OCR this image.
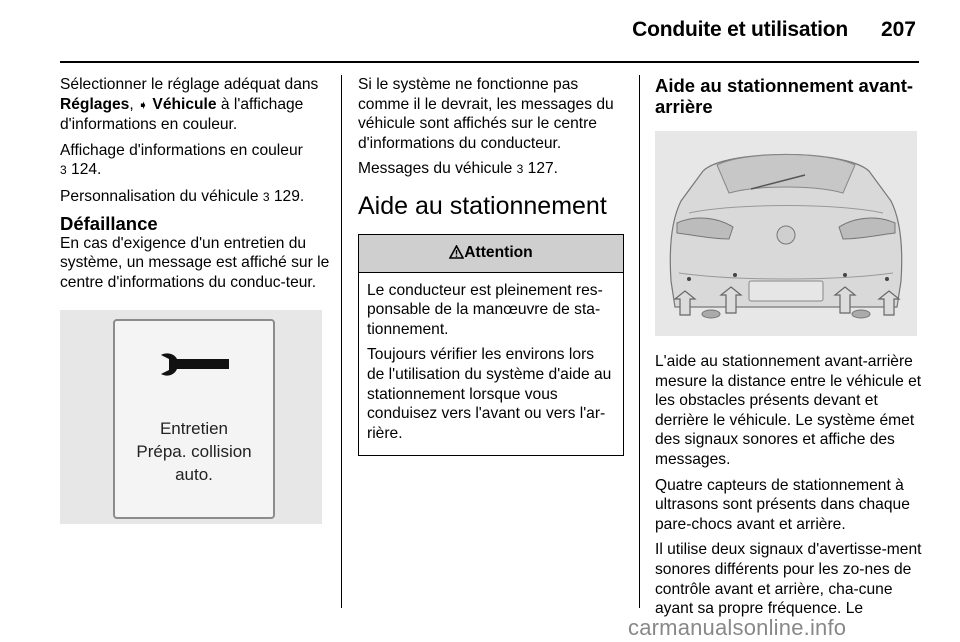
Conduite et utilisation 207

Sélectionner le réglage adéquat dans Réglages, ➧ Véhicule à l'affichage d'informations en couleur.

Affichage d'informations en couleur
3 124.

Personnalisation du véhicule 3 129.

Défaillance

En cas d'exigence d'un entretien du système, un message est affiché sur le centre d'informations du conduc-teur.

Entretien
Prépa. collision
auto.

Si le système ne fonctionne pas comme il le devrait, les messages du véhicule sont affichés sur le centre d'informations du conducteur.

Messages du véhicule 3 127.

Aide au stationnement
Attention

Le conducteur est pleinement res-ponsable de la manœuvre de sta-tionnement.

Toujours vérifier les environs lors de l'utilisation du système d'aide au stationnement lorsque vous conduisez vers l'avant ou vers l'ar-rière.

Aide au stationnement avant-arrière

L'aide au stationnement avant-arrière mesure la distance entre le véhicule et les obstacles présents devant et derrière le véhicule. Le système émet des signaux sonores et affiche des messages.

Quatre capteurs de stationnement à ultrasons sont présents dans chaque pare-chocs avant et arrière.

Il utilise deux signaux d'avertisse-ment sonores différents pour les zo-nes de contrôle avant et arrière, cha-cune ayant sa propre fréquence. Le

carmanualsonline.info
